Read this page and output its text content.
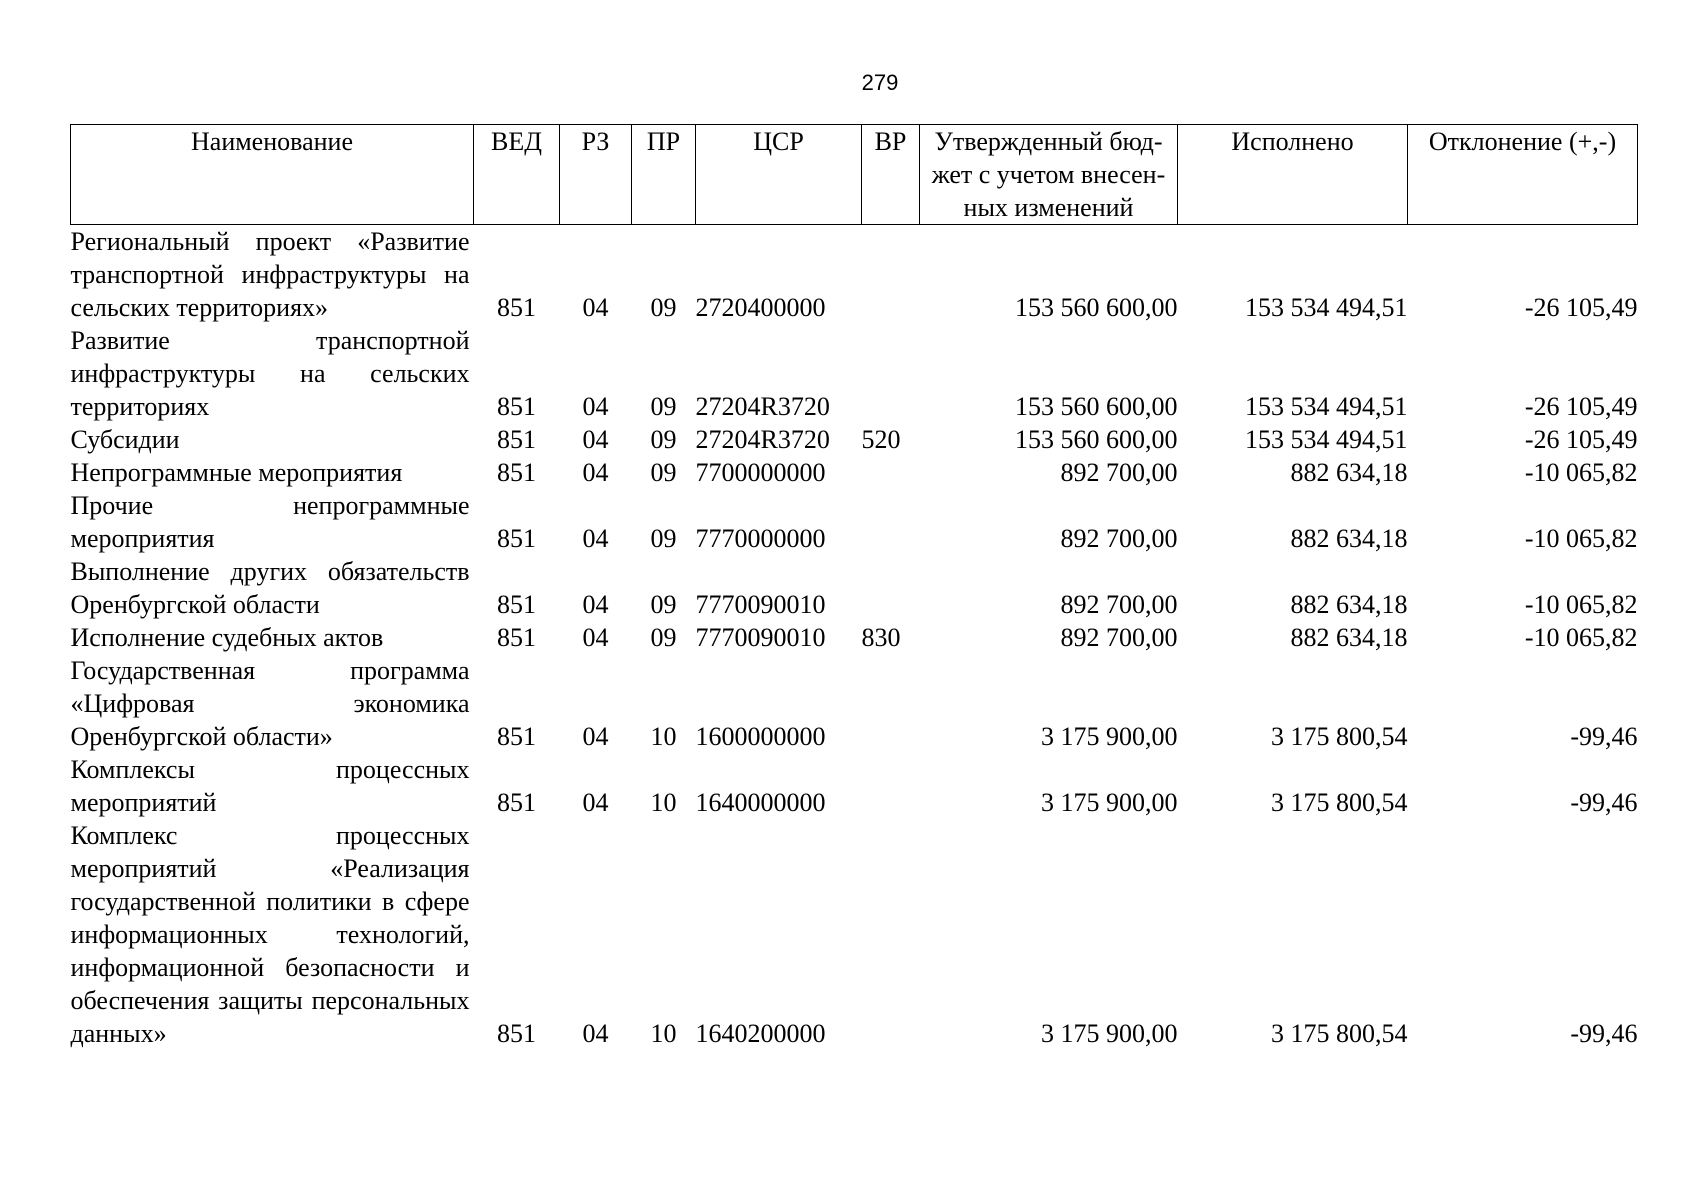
279
Наименование	ВЕД	РЗ	ПР	ЦСР	ВР	Утвержденный бюд-жет с учетом внесен-ных изменений	Исполнено	Отклонение (+,-)
Региональный проект «Развитие транспортной инфраструктуры на сельских территориях»	851	04	09	2720400000		153 560 600,00	153 534 494,51	-26 105,49
Развитие транспортной инфраструктуры на сельских территориях	851	04	09	27204R3720		153 560 600,00	153 534 494,51	-26 105,49
Субсидии	851	04	09	27204R3720	520	153 560 600,00	153 534 494,51	-26 105,49
Непрограммные мероприятия	851	04	09	7700000000		892 700,00	882 634,18	-10 065,82
Прочие непрограммные мероприятия	851	04	09	7770000000		892 700,00	882 634,18	-10 065,82
Выполнение других обязательств Оренбургской области	851	04	09	7770090010		892 700,00	882 634,18	-10 065,82
Исполнение судебных актов	851	04	09	7770090010	830	892 700,00	882 634,18	-10 065,82
Государственная программа «Цифровая экономика Оренбургской области»	851	04	10	1600000000		3 175 900,00	3 175 800,54	-99,46
Комплексы процессных мероприятий	851	04	10	1640000000		3 175 900,00	3 175 800,54	-99,46
Комплекс процессных мероприятий «Реализация государственной политики в сфере информационных технологий, информационной безопасности и обеспечения защиты персональных данных»	851	04	10	1640200000		3 175 900,00	3 175 800,54	-99,46
